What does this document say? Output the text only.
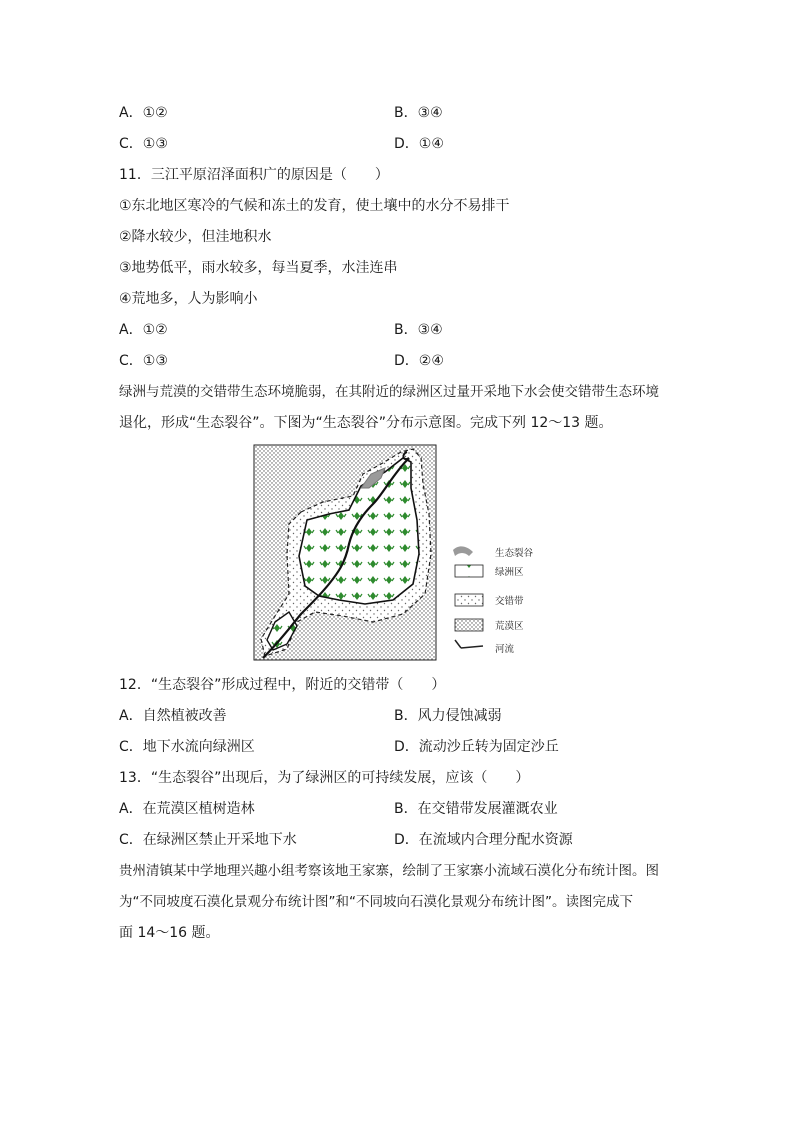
A．①②	B．③④
C．①③	D．①④
11．三江平原沼泽面积广的原因是（　　）
①东北地区寒冷的气候和冻土的发育，使土壤中的水分不易排干
②降水较少，但洼地积水
③地势低平，雨水较多，每当夏季，水洼连串
④荒地多，人为影响小
A．①②	B．③④
C．①③	D．②④
绿洲与荒漠的交错带生态环境脆弱，在其附近的绿洲区过量开采地下水会使交错带生态环境
退化，形成“生态裂谷”。下图为“生态裂谷”分布示意图。完成下列 12～13 题。
生态裂谷
绿洲区
交错带
荒漠区
河流
12．“生态裂谷”形成过程中，附近的交错带（　　）
A．自然植被改善	B．风力侵蚀减弱
C．地下水流向绿洲区	D．流动沙丘转为固定沙丘
13．“生态裂谷”出现后，为了绿洲区的可持续发展，应该（　　）
A．在荒漠区植树造林	B．在交错带发展灌溉农业
C．在绿洲区禁止开采地下水	D．在流域内合理分配水资源
贵州清镇某中学地理兴趣小组考察该地王家寨，绘制了王家寨小流域石漠化分布统计图。图
为“不同坡度石漠化景观分布统计图”和“不同坡向石漠化景观分布统计图”。读图完成下
面 14～16 题。
